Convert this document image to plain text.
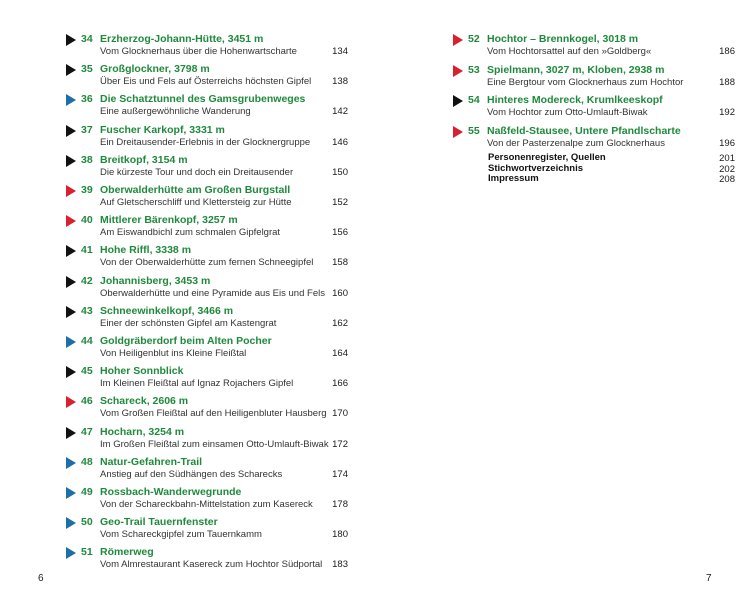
34 Erzherzog-Johann-Hütte, 3451 m
Vom Glocknerhaus über die Hohenwartscharte	134
35 Großglockner, 3798 m
Über Eis und Fels auf Österreichs höchsten Gipfel 138
36 Die Schatztunnel des Gamsgrubenweges
Eine außergewöhnliche Wanderung	142
37 Fuscher Karkopf, 3331 m
Ein Dreitausender-Erlebnis in der Glocknergruppe 146
38 Breitkopf, 3154 m
Die kürzeste Tour und doch ein Dreitausender	150
39 Oberwalderhütte am Großen Burgstall
Auf Gletscherschliff und Klettersteig zur Hütte	152
40 Mittlerer Bärenkopf, 3257 m
Am Eiswandbichl zum schmalen Gipfelgrat	156
41 Hohe Riffl, 3338 m
Von der Oberwalderhütte zum fernen Schneegipfel 158
42 Johannisberg, 3453 m
Oberwalderhütte und eine Pyramide aus Eis und Fels 160
43 Schneewinkelkopf, 3466 m
Einer der schönsten Gipfel am Kastengrat	162
44 Goldgräberdorf beim Alten Pocher
Von Heiligenblut ins Kleine Fleißtal	164
45 Hoher Sonnblick
Im Kleinen Fleißtal auf Ignaz Rojachers Gipfel	166
46 Schareck, 2606 m
Vom Großen Fleißtal auf den Heiligenbluter Hausberg 170
47 Hocharn, 3254 m
Im Großen Fleißtal zum einsamen Otto-Umlauft-Biwak 172
48 Natur-Gefahren-Trail
Anstieg auf den Südhängen des Scharecks	174
49 Rossbach-Wanderwegrunde
Von der Schareckbahn-Mittelstation zum Kasereck 178
50 Geo-Trail Tauernfenster
Vom Schareckgipfel zum Tauernkamm	180
51 Römerweg
Vom Almrestaurant Kasereck zum Hochtor Südportal 183
6
52 Hochtor – Brennkogel, 3018 m
Vom Hochtorsattel auf den »Goldberg«	186
53 Spielmann, 3027 m, Kloben, 2938 m
Eine Bergtour vom Glocknerhaus zum Hochtor	188
54 Hinteres Modereck, Krumlkeeskopf
Vom Hochtor zum Otto-Umlauft-Biwak	192
55 Naßfeld-Stausee, Untere Pfandlscharte
Von der Pasterzenalpe zum Glocknerhaus	196
Personenregister, Quellen	201
Stichwortverzeichnis	202
Impressum	208
7
